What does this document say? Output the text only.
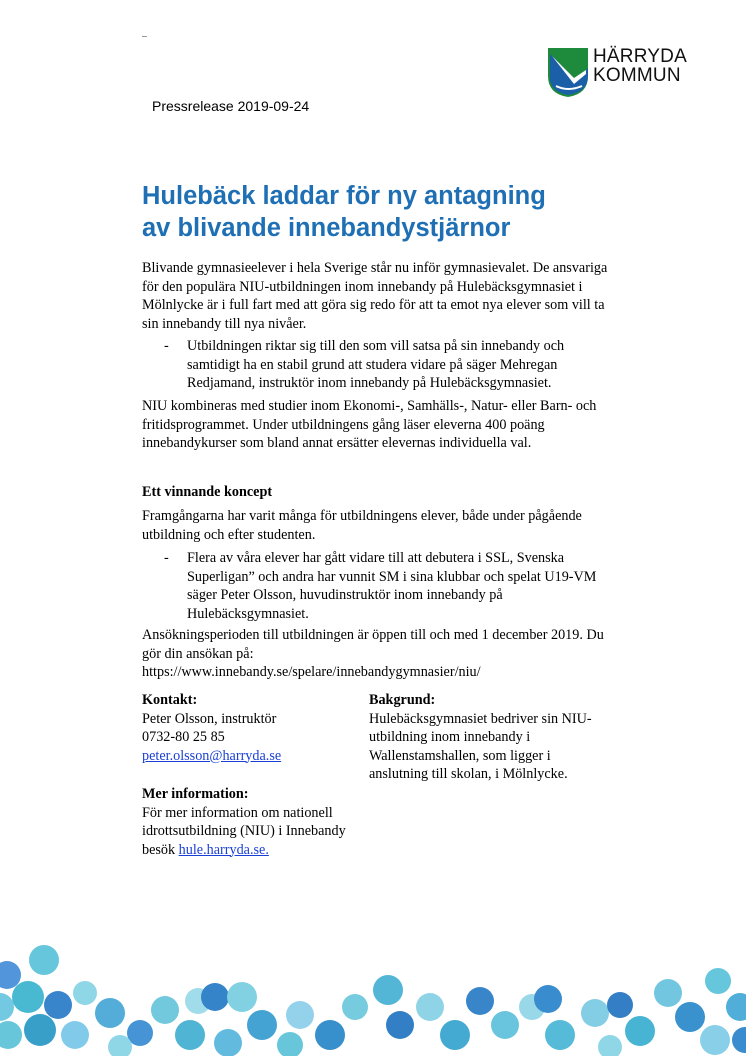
HÄRRYDA
KOMMUN
Pressrelease 2019-09-24
Hulebäck laddar för ny antagning
av blivande innebandystjärnor

Blivande gymnasieelever i hela Sverige står nu inför gymnasievalet. De ansvariga för den populära NIU-utbildningen inom innebandy på Hulebäcksgymnasiet i Mölnlycke är i full fart med att göra sig redo för att ta emot nya elever som vill ta sin innebandy till nya nivåer.

- Utbildningen riktar sig till den som vill satsa på sin innebandy och samtidigt ha en stabil grund att studera vidare på säger Mehregan Redjamand, instruktör inom innebandy på Hulebäcksgymnasiet.

NIU kombineras med studier inom Ekonomi-, Samhälls-, Natur- eller Barn- och fritidsprogrammet. Under utbildningens gång läser eleverna 400 poäng innebandykurser som bland annat ersätter elevernas individuella val.

Ett vinnande koncept

Framgångarna har varit många för utbildningens elever, både under pågående utbildning och efter studenten.

- Flera av våra elever har gått vidare till att debutera i SSL, Svenska Superligan” och andra har vunnit SM i sina klubbar och spelat U19-VM säger Peter Olsson, huvudinstruktör inom innebandy på Hulebäcksgymnasiet.
Ansökningsperioden till utbildningen är öppen till och med 1 december 2019. Du gör din ansökan på:
https://www.innebandy.se/spelare/innebandygymnasier/niu/
Kontakt:
Peter Olsson, instruktör
0732-80 25 85
peter.olsson@harryda.se
Bakgrund:
Hulebäcksgymnasiet bedriver sin NIU-utbildning inom innebandy i Wallenstamshallen, som ligger i anslutning till skolan, i Mölnlycke.
Mer information:
För mer information om nationell idrottsutbildning (NIU) i Innebandy besök hule.harryda.se.
